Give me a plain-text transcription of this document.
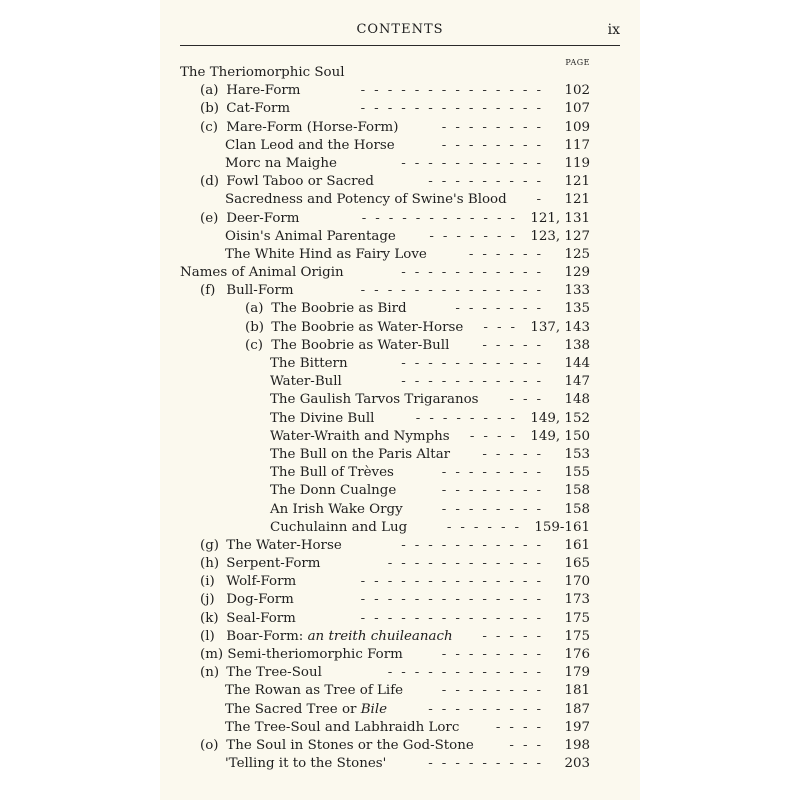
CONTENTS	ix
PAGE
The Theriomorphic Soul
(a) Hare-Form	-------------- 102
(b) Cat-Form	-------------- 107
(c) Mare-Form (Horse-Form)	-------- 109
Clan Leod and the Horse	-------- 117
Morc na Maighe	----------- 119
(d) Fowl Taboo or Sacred	--------- 121
Sacredness and Potency of Swine's Blood - 121
(e) Deer-Form	------------ 121, 131
Oisin's Animal Parentage ------- 123, 127
The White Hind as Fairy Love	------ 125
Names of Animal Origin	----------- 129
(f) Bull-Form	-------------- 133
(a) The Boobrie as Bird	------- 135
(b) The Boobrie as Water-Horse --- 137, 143
(c) The Boobrie as Water-Bull ----- 138
The Bittern	----------- 144
Water-Bull	----------- 147
The Gaulish Tarvos Trigaranos --- 148
The Divine Bull	-------- 149, 152
Water-Wraith and Nymphs ---- 149, 150
The Bull on the Paris Altar ----- 153
The Bull of Trèves	-------- 155
The Donn Cualnge	-------- 158
An Irish Wake Orgy	-------- 158
Cuchulainn and Lug	------ 159-161
(g) The Water-Horse	----------- 161
(h) Serpent-Form	------------ 165
(i) Wolf-Form	-------------- 170
(j) Dog-Form	-------------- 173
(k) Seal-Form	-------------- 175
(l) Boar-Form: an treith chuileanach ----- 175
(m) Semi-theriomorphic Form	-------- 176
(n) The Tree-Soul	------------ 179
The Rowan as Tree of Life	-------- 181
The Sacred Tree or Bile	--------- 187
The Tree-Soul and Labhraidh Lorc	---- 197
(o) The Soul in Stones or the God-Stone	--- 198
'Telling it to the Stones'	--------- 203
